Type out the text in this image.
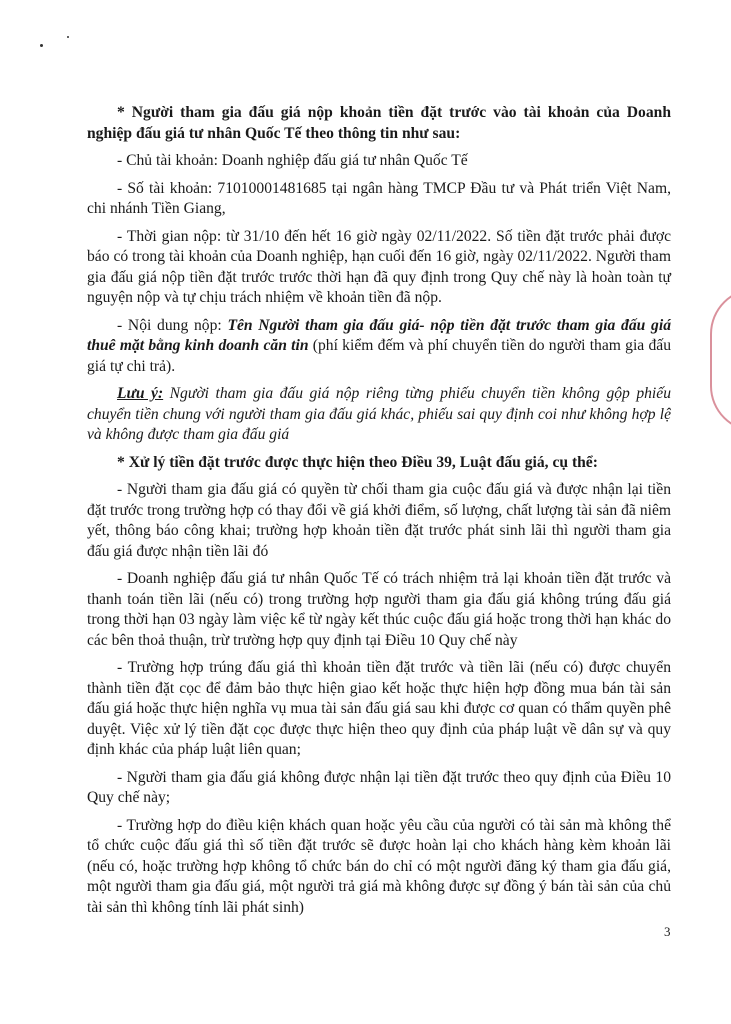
* Người tham gia đấu giá nộp khoản tiền đặt trước vào tài khoản của Doanh nghiệp đấu giá tư nhân Quốc Tế theo thông tin như sau:

- Chủ tài khoản: Doanh nghiệp đấu giá tư nhân Quốc Tế

- Số tài khoản: 71010001481685 tại ngân hàng TMCP Đầu tư và Phát triển Việt Nam, chi nhánh Tiền Giang,

- Thời gian nộp: từ 31/10 đến hết 16 giờ ngày 02/11/2022. Số tiền đặt trước phải được báo có trong tài khoản của Doanh nghiệp, hạn cuối đến 16 giờ, ngày 02/11/2022. Người tham gia đấu giá nộp tiền đặt trước trước thời hạn đã quy định trong Quy chế này là hoàn toàn tự nguyện nộp và tự chịu trách nhiệm về khoản tiền đã nộp.

- Nội dung nộp: Tên Người tham gia đấu giá- nộp tiền đặt trước tham gia đấu giá thuê mặt bằng kinh doanh căn tin (phí kiểm đếm và phí chuyển tiền do người tham gia đấu giá tự chi trả).

Lưu ý: Người tham gia đấu giá nộp riêng từng phiếu chuyển tiền không gộp phiếu chuyển tiền chung với người tham gia đấu giá khác, phiếu sai quy định coi như không hợp lệ và không được tham gia đấu giá

* Xử lý tiền đặt trước được thực hiện theo Điều 39, Luật đấu giá, cụ thể:

- Người tham gia đấu giá có quyền từ chối tham gia cuộc đấu giá và được nhận lại tiền đặt trước trong trường hợp có thay đổi về giá khởi điểm, số lượng, chất lượng tài sản đã niêm yết, thông báo công khai; trường hợp khoản tiền đặt trước phát sinh lãi thì người tham gia đấu giá được nhận tiền lãi đó

- Doanh nghiệp đấu giá tư nhân Quốc Tế có trách nhiệm trả lại khoản tiền đặt trước và thanh toán tiền lãi (nếu có) trong trường hợp người tham gia đấu giá không trúng đấu giá trong thời hạn 03 ngày làm việc kể từ ngày kết thúc cuộc đấu giá hoặc trong thời hạn khác do các bên thoả thuận, trừ trường hợp quy định tại Điều 10 Quy chế này

- Trường hợp trúng đấu giá thì khoản tiền đặt trước và tiền lãi (nếu có) được chuyển thành tiền đặt cọc để đảm bảo thực hiện giao kết hoặc thực hiện hợp đồng mua bán tài sản đấu giá hoặc thực hiện nghĩa vụ mua tài sản đấu giá sau khi được cơ quan có thẩm quyền phê duyệt. Việc xử lý tiền đặt cọc được thực hiện theo quy định của pháp luật về dân sự và quy định khác của pháp luật liên quan;

- Người tham gia đấu giá không được nhận lại tiền đặt trước theo quy định của Điều 10 Quy chế này;

- Trường hợp do điều kiện khách quan hoặc yêu cầu của người có tài sản mà không thể tổ chức cuộc đấu giá thì số tiền đặt trước sẽ được hoàn lại cho khách hàng kèm khoản lãi (nếu có, hoặc trường hợp không tổ chức bán do chỉ có một người đăng ký tham gia đấu giá, một người tham gia đấu giá, một người trả giá mà không được sự đồng ý bán tài sản của chủ tài sản thì không tính lãi phát sinh)

3
